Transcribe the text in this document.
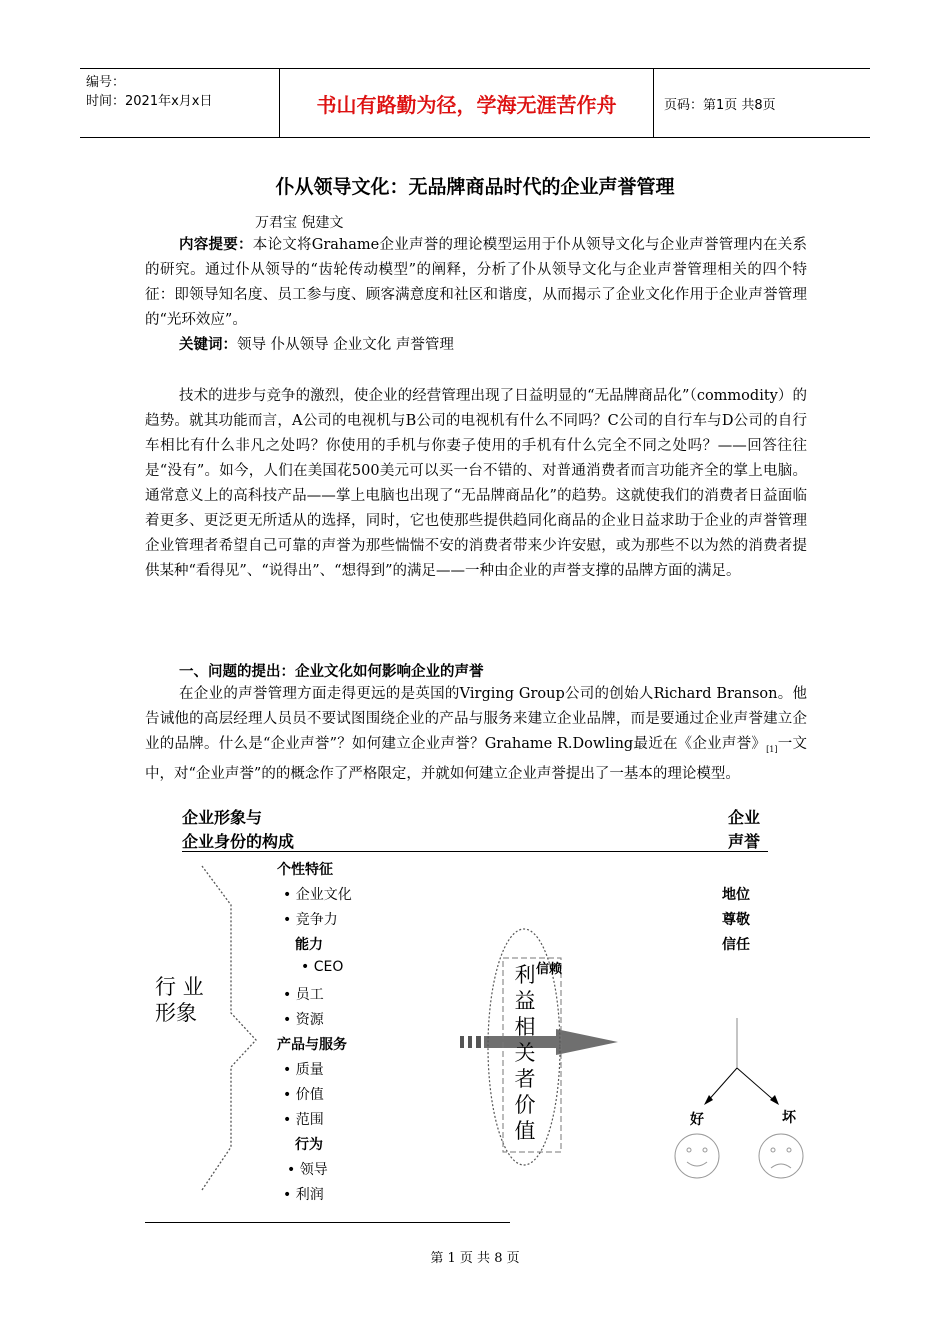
编号：
时间：2021年x月x日	书山有路勤为径，学海无涯苦作舟	页码：第1页 共8页
仆从领导文化：无品牌商品时代的企业声誉管理
万君宝 倪建文

内容提要：本论文将Grahame企业声誉的理论模型运用于仆从领导文化与企业声誉管理内在关系的研究。通过仆从领导的“齿轮传动模型”的阐释，分析了仆从领导文化与企业声誉管理相关的四个特征：即领导知名度、员工参与度、顾客满意度和社区和谐度，从而揭示了企业文化作用于企业声誉管理的“光环效应”。

关键词：领导 仆从领导 企业文化 声誉管理

技术的进步与竞争的激烈，使企业的经营管理出现了日益明显的“无品牌商品化”（commodity）的趋势。就其功能而言，A公司的电视机与B公司的电视机有什么不同吗？C公司的自行车与D公司的自行车相比有什么非凡之处吗？你使用的手机与你妻子使用的手机有什么完全不同之处吗？——回答往往是“没有”。如今，人们在美国花500美元可以买一台不错的、对普通消费者而言功能齐全的掌上电脑。通常意义上的高科技产品——掌上电脑也出现了“无品牌商品化”的趋势。这就使我们的消费者日益面临着更多、更泛更无所适从的选择，同时，它也使那些提供趋同化商品的企业日益求助于企业的声誉管理企业管理者希望自己可靠的声誉为那些惴惴不安的消费者带来少许安慰，或为那些不以为然的消费者提供某种“看得见”、“说得出”、“想得到”的满足——一种由企业的声誉支撑的品牌方面的满足。

一、问题的提出：企业文化如何影响企业的声誉

在企业的声誉管理方面走得更远的是英国的Virging Group公司的创始人Richard Branson。他告诫他的高层经理人员员不要试图围绕企业的产品与服务来建立企业品牌，而是要通过企业声誉建立企业的品牌。什么是“企业声誉”？如何建立企业声誉？Grahame R.Dowling最近在《企业声誉》[1]一文中，对“企业声誉”的的概念作了严格限定，并就如何建立企业声誉提出了一基本的理论模型。

企业形象与
企业身份的构成
企业
声誉
行 业
形象
个性特征
• 企业文化
• 竞争力
能力
• CEO
• 员工
• 资源
产品与服务
• 质量
• 价值
• 范围
行为
• 领导
• 利润
利
益
相
关
者
价
值
信赖
地位
尊敬
信任
好	坏
第 1 页 共 8 页
